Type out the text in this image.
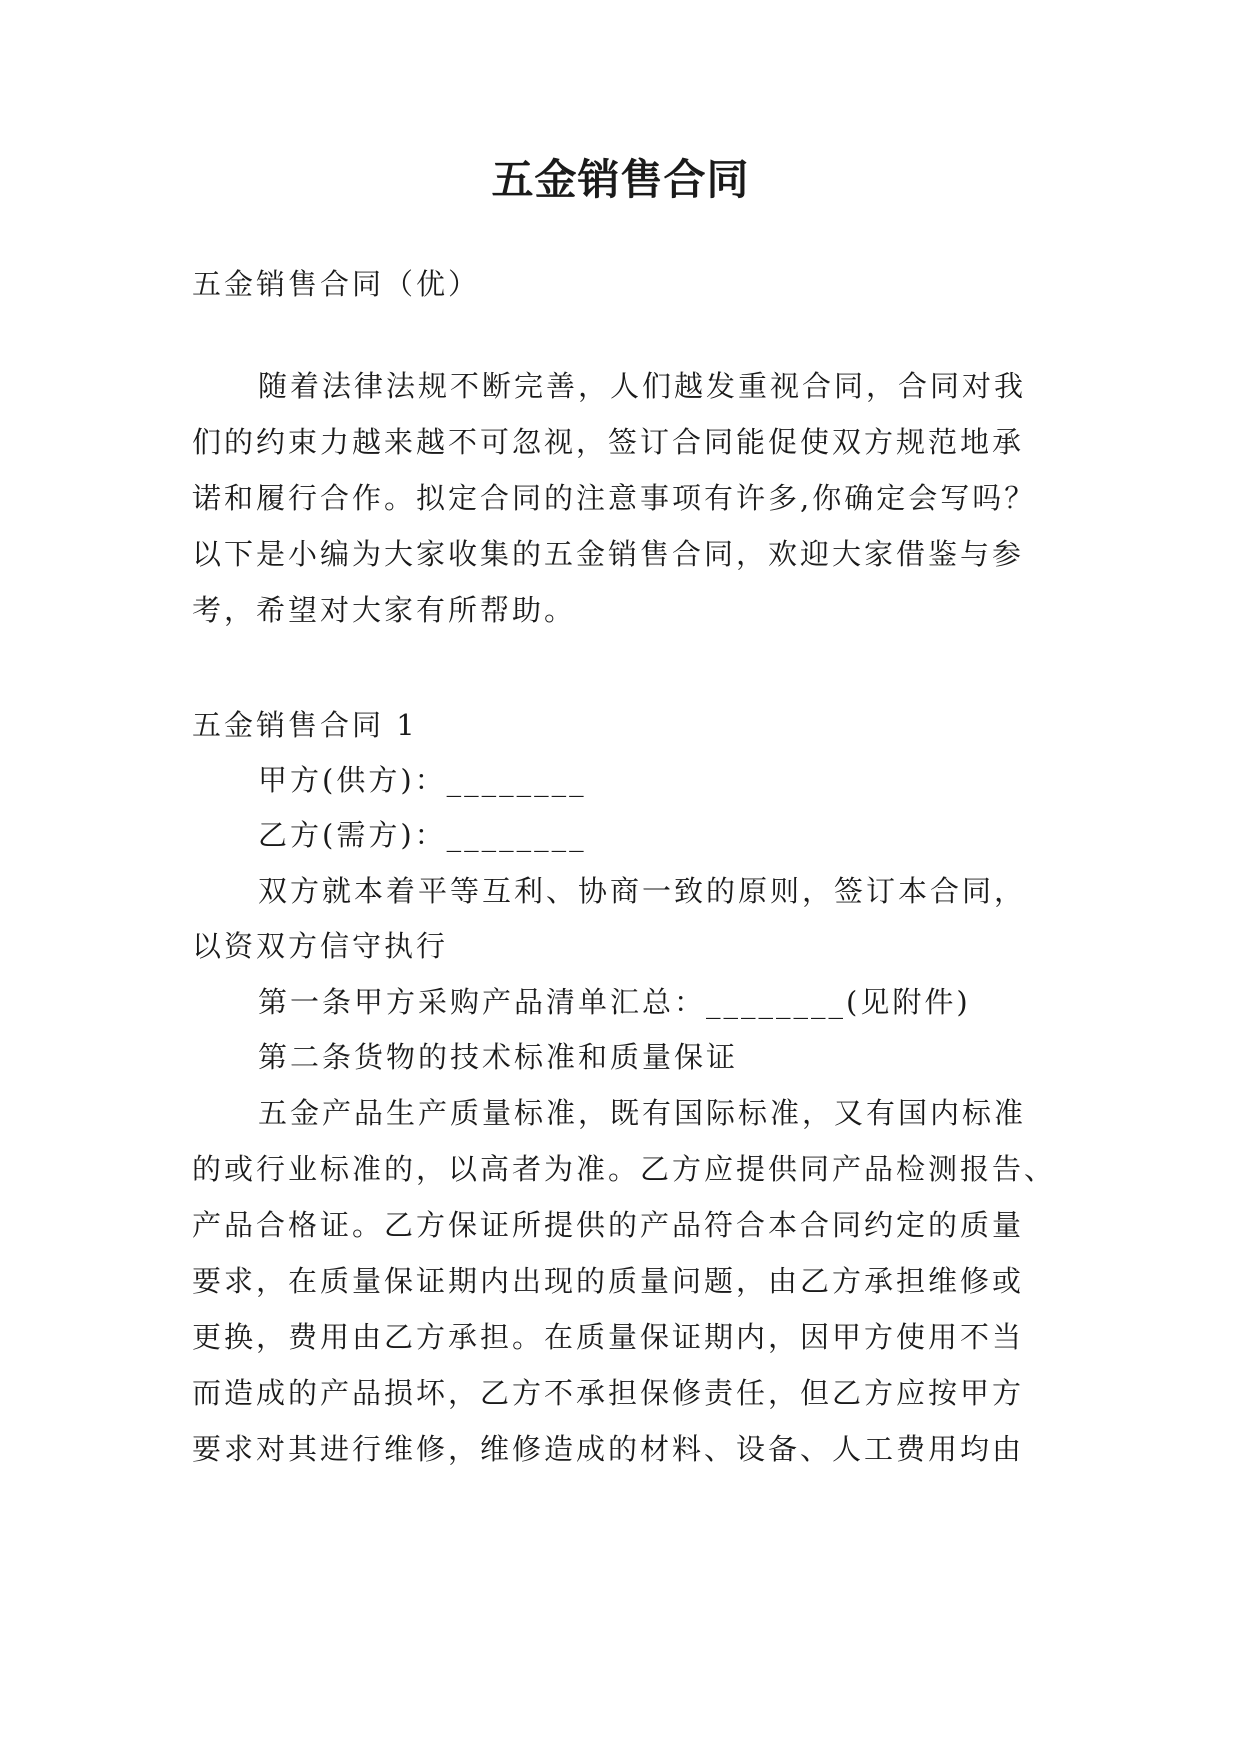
五金销售合同
五金销售合同（优）
随着法律法规不断完善，人们越发重视合同，合同对我
们的约束力越来越不可忽视，签订合同能促使双方规范地承
诺和履行合作。拟定合同的注意事项有许多,你确定会写吗？
以下是小编为大家收集的五金销售合同，欢迎大家借鉴与参
考，希望对大家有所帮助。
五金销售合同 1
甲方(供方)：________
乙方(需方)：________
双方就本着平等互利、协商一致的原则，签订本合同，
以资双方信守执行
第一条甲方采购产品清单汇总：________(见附件)
第二条货物的技术标准和质量保证
五金产品生产质量标准，既有国际标准，又有国内标准
的或行业标准的，以高者为准。乙方应提供同产品检测报告、
产品合格证。乙方保证所提供的产品符合本合同约定的质量
要求，在质量保证期内出现的质量问题，由乙方承担维修或
更换，费用由乙方承担。在质量保证期内，因甲方使用不当
而造成的产品损坏，乙方不承担保修责任，但乙方应按甲方
要求对其进行维修，维修造成的材料、设备、人工费用均由
